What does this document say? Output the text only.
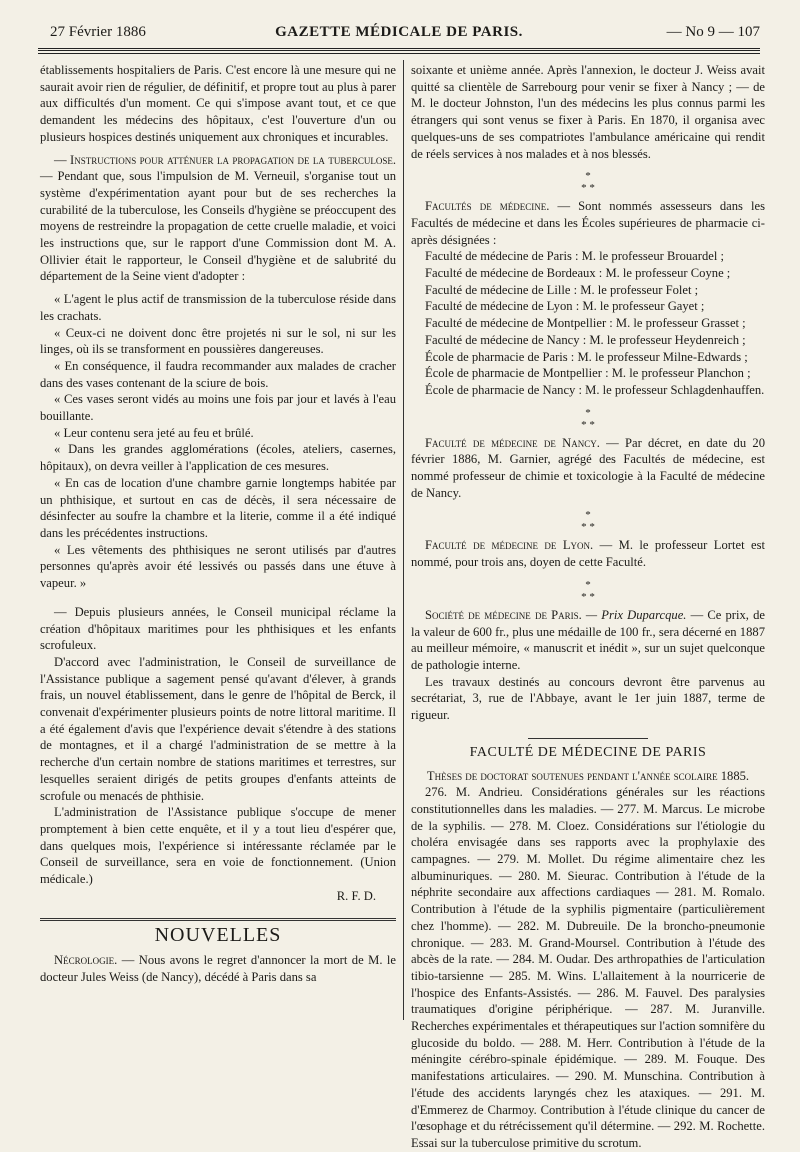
27 Février 1886	GAZETTE MÉDICALE DE PARIS.	— No 9 — 107

établissements hospitaliers de Paris. C'est encore là une mesure qui ne saurait avoir rien de régulier, de définitif, et propre tout au plus à parer aux difficultés d'un moment. Ce qui s'impose avant tout, et ce que demandent les médecins des hôpitaux, c'est l'ouverture d'un ou plusieurs hospices destinés uniquement aux chroniques et incurables.

— Instructions pour atténuer la propagation de la tuberculose. — Pendant que, sous l'impulsion de M. Verneuil, s'organise tout un système d'expérimentation ayant pour but de ses recherches la curabilité de la tuberculose, les Conseils d'hygiène se préoccupent des moyens de restreindre la propagation de cette cruelle maladie, et voici les instructions que, sur le rapport d'une Commission dont M. A. Ollivier était le rapporteur, le Conseil d'hygiène et de salubrité du département de la Seine vient d'adopter :

« L'agent le plus actif de transmission de la tuberculose réside dans les crachats.

« Ceux-ci ne doivent donc être projetés ni sur le sol, ni sur les linges, où ils se transforment en poussières dangereuses.

« En conséquence, il faudra recommander aux malades de cracher dans des vases contenant de la sciure de bois.

« Ces vases seront vidés au moins une fois par jour et lavés à l'eau bouillante.

« Leur contenu sera jeté au feu et brûlé.

« Dans les grandes agglomérations (écoles, ateliers, casernes, hôpitaux), on devra veiller à l'application de ces mesures.

« En cas de location d'une chambre garnie longtemps habitée par un phthisique, et surtout en cas de décès, il sera nécessaire de désinfecter au soufre la chambre et la literie, comme il a été indiqué dans les précédentes instructions.

« Les vêtements des phthisiques ne seront utilisés par d'autres personnes qu'après avoir été lessivés ou passés dans une étuve à vapeur. »

— Depuis plusieurs années, le Conseil municipal réclame la création d'hôpitaux maritimes pour les phthisiques et les enfants scrofuleux.

D'accord avec l'administration, le Conseil de surveillance de l'Assistance publique a sagement pensé qu'avant d'élever, à grands frais, un nouvel établissement, dans le genre de l'hôpital de Berck, il convenait d'expérimenter plusieurs points de notre littoral maritime. Il a été également d'avis que l'expérience devait s'étendre à des stations de montagnes, et il a chargé l'administration de se mettre à la recherche d'un certain nombre de stations maritimes et terrestres, sur lesquelles seraient dirigés de petits groupes d'enfants atteints de scrofule ou menacés de phthisie.

L'administration de l'Assistance publique s'occupe de mener promptement à bien cette enquête, et il y a tout lieu d'espérer que, dans quelques mois, l'expérience si intéressante réclamée par le Conseil de surveillance, sera en voie de fonctionnement. (Union médicale.)

R. F. D.

NOUVELLES

Nécrologie. — Nous avons le regret d'annoncer la mort de M. le docteur Jules Weiss (de Nancy), décédé à Paris dans sa

soixante et unième année. Après l'annexion, le docteur J. Weiss avait quitté sa clientèle de Sarrebourg pour venir se fixer à Nancy ; — de M. le docteur Johnston, l'un des médecins les plus connus parmi les étrangers qui sont venus se fixer à Paris. En 1870, il organisa avec quelques-uns de ses compatriotes l'ambulance américaine qui rendit de réels services à nos malades et à nos blessés.

*
* *

Facultés de médecine. — Sont nommés assesseurs dans les Facultés de médecine et dans les Écoles supérieures de pharmacie ci-après désignées :

Faculté de médecine de Paris : M. le professeur Brouardel ;

Faculté de médecine de Bordeaux : M. le professeur Coyne ;

Faculté de médecine de Lille : M. le professeur Folet ;

Faculté de médecine de Lyon : M. le professeur Gayet ;

Faculté de médecine de Montpellier : M. le professeur Grasset ;

Faculté de médecine de Nancy : M. le professeur Heydenreich ;

École de pharmacie de Paris : M. le professeur Milne-Edwards ;

École de pharmacie de Montpellier : M. le professeur Planchon ;

École de pharmacie de Nancy : M. le professeur Schlagdenhauffen.

*
* *

Faculté de médecine de Nancy. — Par décret, en date du 20 février 1886, M. Garnier, agrégé des Facultés de médecine, est nommé professeur de chimie et toxicologie à la Faculté de médecine de Nancy.

*
* *

Faculté de médecine de Lyon. — M. le professeur Lortet est nommé, pour trois ans, doyen de cette Faculté.

*
* *

Société de médecine de Paris. — Prix Duparcque. — Ce prix, de la valeur de 600 fr., plus une médaille de 100 fr., sera décerné en 1887 au meilleur mémoire, « manuscrit et inédit », sur un sujet quelconque de pathologie interne.

Les travaux destinés au concours devront être parvenus au secrétariat, 3, rue de l'Abbaye, avant le 1er juin 1887, terme de rigueur.

FACULTÉ DE MÉDECINE DE PARIS

Thèses de doctorat soutenues pendant l'année scolaire 1885.

276. M. Andrieu. Considérations générales sur les réactions constitutionnelles dans les maladies. — 277. M. Marcus. Le microbe de la syphilis. — 278. M. Cloez. Considérations sur l'étiologie du choléra envisagée dans ses rapports avec la prophylaxie des campagnes. — 279. M. Mollet. Du régime alimentaire chez les albuminuriques. — 280. M. Sieurac. Contribution à l'étude de la néphrite secondaire aux affections cardiaques — 281. M. Romalo. Contribution à l'étude de la syphilis pigmentaire (particulièrement chez l'homme). — 282. M. Dubreuile. De la broncho-pneumonie chronique. — 283. M. Grand-Moursel. Contribution à l'étude des abcès de la rate. — 284. M. Oudar. Des arthropathies de l'articulation tibio-tarsienne — 285. M. Wins. L'allaitement à la nourricerie de l'hospice des Enfants-Assistés. — 286. M. Fauvel. Des paralysies traumatiques d'origine périphérique. — 287. M. Juranville. Recherches expérimentales et thérapeutiques sur l'action somnifère du glucoside du boldo. — 288. M. Herr. Contribution à l'étude de la méningite cérébro-spinale épidémique. — 289. M. Fouque. Des manifestations articulaires. — 290. M. Munschina. Contribution à l'étude des accidents laryngés chez les ataxiques. — 291. M. d'Emmerez de Charmoy. Contribution à l'étude clinique du cancer de l'œsophage et du rétrécissement qu'il détermine. — 292. M. Rochette. Essai sur la tuberculose primitive du scrotum.
